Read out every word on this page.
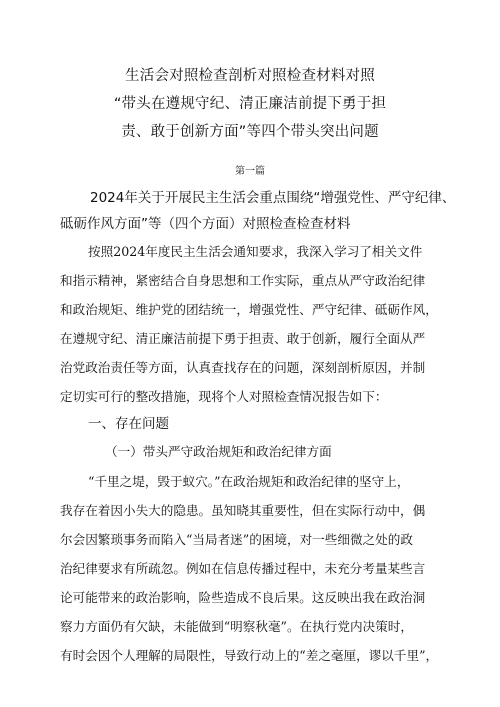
生活会对照检查剖析对照检查材料对照
“带头在遵规守纪、清正廉洁前提下勇于担
责、敢于创新方面”等四个带头突出问题
第一篇
2024年关于开展民主生活会重点围绕“增强党性、严守纪律、
砥砺作风方面”等（四个方面）对照检查检查材料
按照2024年度民主生活会通知要求，我深入学习了相关文件
和指示精神，紧密结合自身思想和工作实际，重点从严守政治纪律
和政治规矩、维护党的团结统一，增强党性、严守纪律、砥砺作风，
在遵规守纪、清正廉洁前提下勇于担责、敢于创新，履行全面从严
治党政治责任等方面，认真查找存在的问题，深刻剖析原因，并制
定切实可行的整改措施，现将个人对照检查情况报告如下：
一、存在问题
（一）带头严守政治规矩和政治纪律方面
“千里之堤，毁于蚁穴。”在政治规矩和政治纪律的坚守上，
我存在着因小失大的隐患。虽知晓其重要性，但在实际行动中，偶
尔会因繁琐事务而陷入“当局者迷”的困境，对一些细微之处的政
治纪律要求有所疏忽。例如在信息传播过程中，未充分考量某些言
论可能带来的政治影响，险些造成不良后果。这反映出我在政治洞
察力方面仍有欠缺，未能做到“明察秋毫”。在执行党内决策时，
有时会因个人理解的局限性，导致行动上的“差之毫厘，谬以千里”，
